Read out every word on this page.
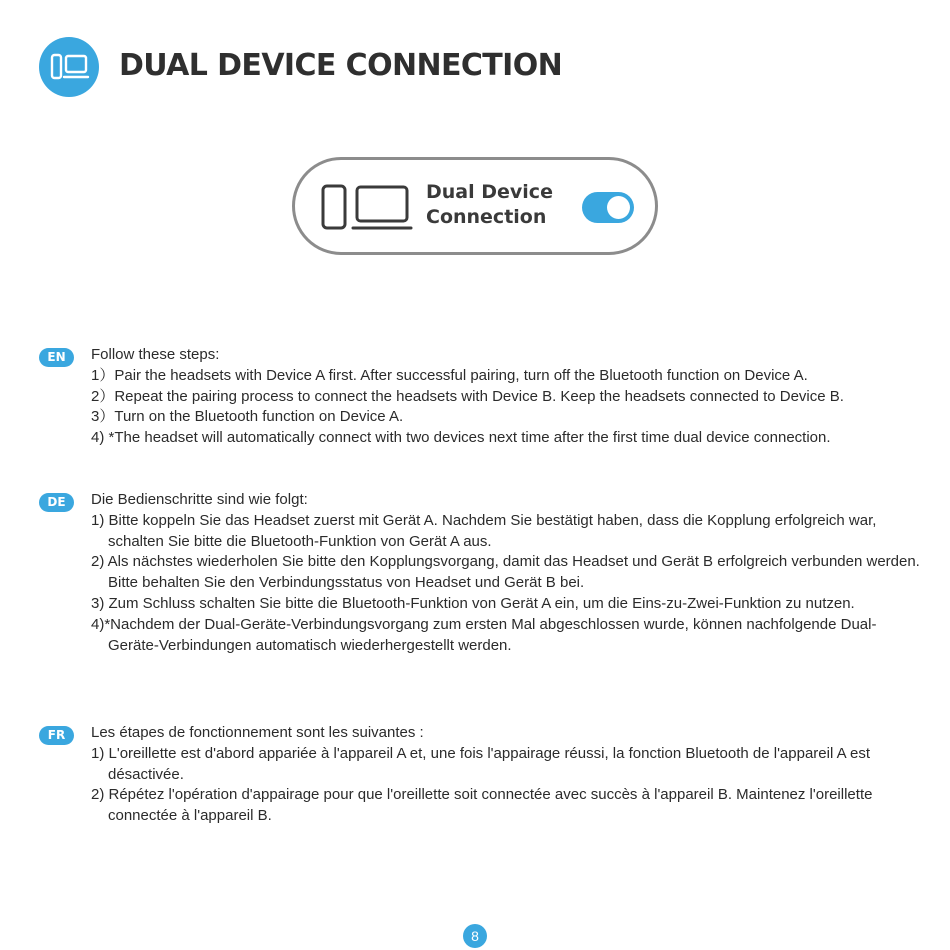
DUAL DEVICE CONNECTION

Dual Device Connection

EN	Follow these steps:

1）Pair the headsets with Device A first. After successful pairing, turn off the Bluetooth function on Device A.

2）Repeat the pairing process to connect the headsets with Device B. Keep the headsets connected to Device B.

3）Turn on the Bluetooth function on Device A.

4) *The headset will automatically connect with two devices next time after the first time dual device connection.

DE	Die Bedienschritte sind wie folgt:

1) Bitte koppeln Sie das Headset zuerst mit Gerät A. Nachdem Sie bestätigt haben, dass die Kopplung erfolgreich war, schalten Sie bitte die Bluetooth-Funktion von Gerät A aus.

2) Als nächstes wiederholen Sie bitte den Kopplungsvorgang, damit das Headset und Gerät B erfolgreich verbunden werden. Bitte behalten Sie den Verbindungsstatus von Headset und Gerät B bei.

3) Zum Schluss schalten Sie bitte die Bluetooth-Funktion von Gerät A ein, um die Eins-zu-Zwei-Funktion zu nutzen.

4)*Nachdem der Dual-Geräte-Verbindungsvorgang zum ersten Mal abgeschlossen wurde, können nachfolgende Dual-Geräte-Verbindungen automatisch wiederhergestellt werden.

FR	Les étapes de fonctionnement sont les suivantes :

1) L'oreillette est d'abord appariée à l'appareil A et, une fois l'appairage réussi, la fonction Bluetooth de l'appareil A est désactivée.

2) Répétez l'opération d'appairage pour que l'oreillette soit connectée avec succès à l'appareil B. Maintenez l'oreillette connectée à l'appareil B.

8
